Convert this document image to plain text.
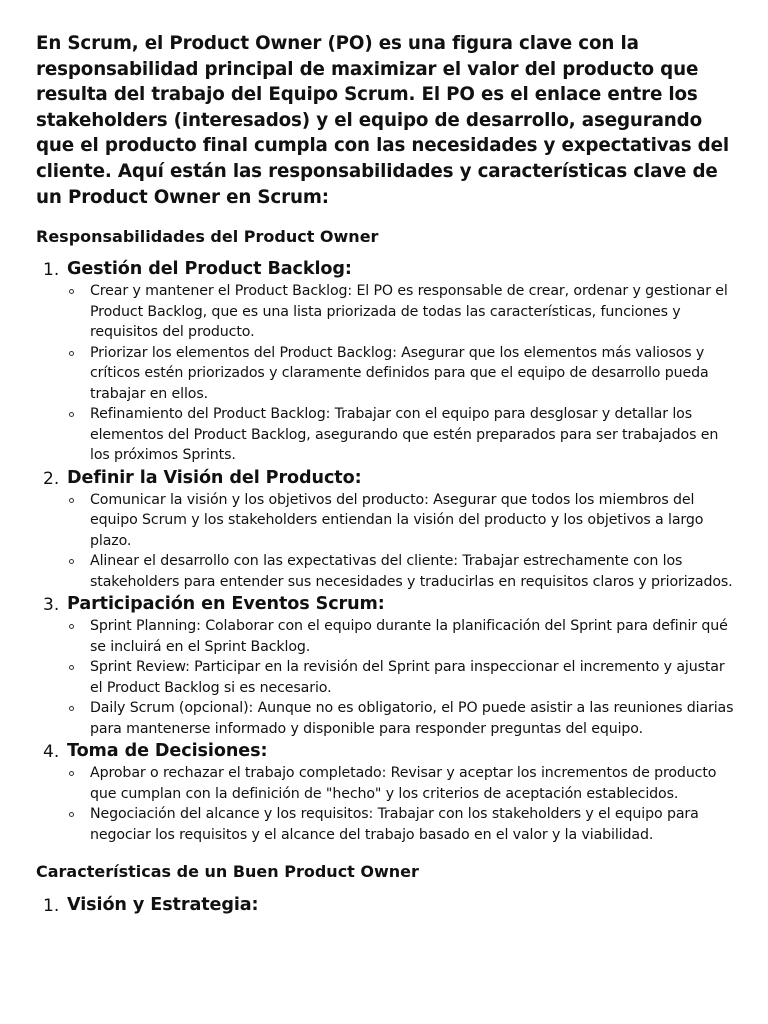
En Scrum, el Product Owner (PO) es una figura clave con la responsabilidad principal de maximizar el valor del producto que resulta del trabajo del Equipo Scrum. El PO es el enlace entre los stakeholders (interesados) y el equipo de desarrollo, asegurando que el producto final cumpla con las necesidades y expectativas del cliente. Aquí están las responsabilidades y características clave de un Product Owner en Scrum:

Responsabilidades del Product Owner
1. Gestión del Product Backlog:
Crear y mantener el Product Backlog: El PO es responsable de crear, ordenar y gestionar el Product Backlog, que es una lista priorizada de todas las características, funciones y requisitos del producto.
Priorizar los elementos del Product Backlog: Asegurar que los elementos más valiosos y críticos estén priorizados y claramente definidos para que el equipo de desarrollo pueda trabajar en ellos.
Refinamiento del Product Backlog: Trabajar con el equipo para desglosar y detallar los elementos del Product Backlog, asegurando que estén preparados para ser trabajados en los próximos Sprints.
2. Definir la Visión del Producto:
Comunicar la visión y los objetivos del producto: Asegurar que todos los miembros del equipo Scrum y los stakeholders entiendan la visión del producto y los objetivos a largo plazo.
Alinear el desarrollo con las expectativas del cliente: Trabajar estrechamente con los stakeholders para entender sus necesidades y traducirlas en requisitos claros y priorizados.
3. Participación en Eventos Scrum:
Sprint Planning: Colaborar con el equipo durante la planificación del Sprint para definir qué se incluirá en el Sprint Backlog.
Sprint Review: Participar en la revisión del Sprint para inspeccionar el incremento y ajustar el Product Backlog si es necesario.
Daily Scrum (opcional): Aunque no es obligatorio, el PO puede asistir a las reuniones diarias para mantenerse informado y disponible para responder preguntas del equipo.
4. Toma de Decisiones:
Aprobar o rechazar el trabajo completado: Revisar y aceptar los incrementos de producto que cumplan con la definición de "hecho" y los criterios de aceptación establecidos.
Negociación del alcance y los requisitos: Trabajar con los stakeholders y el equipo para negociar los requisitos y el alcance del trabajo basado en el valor y la viabilidad.
Características de un Buen Product Owner
1. Visión y Estrategia:
